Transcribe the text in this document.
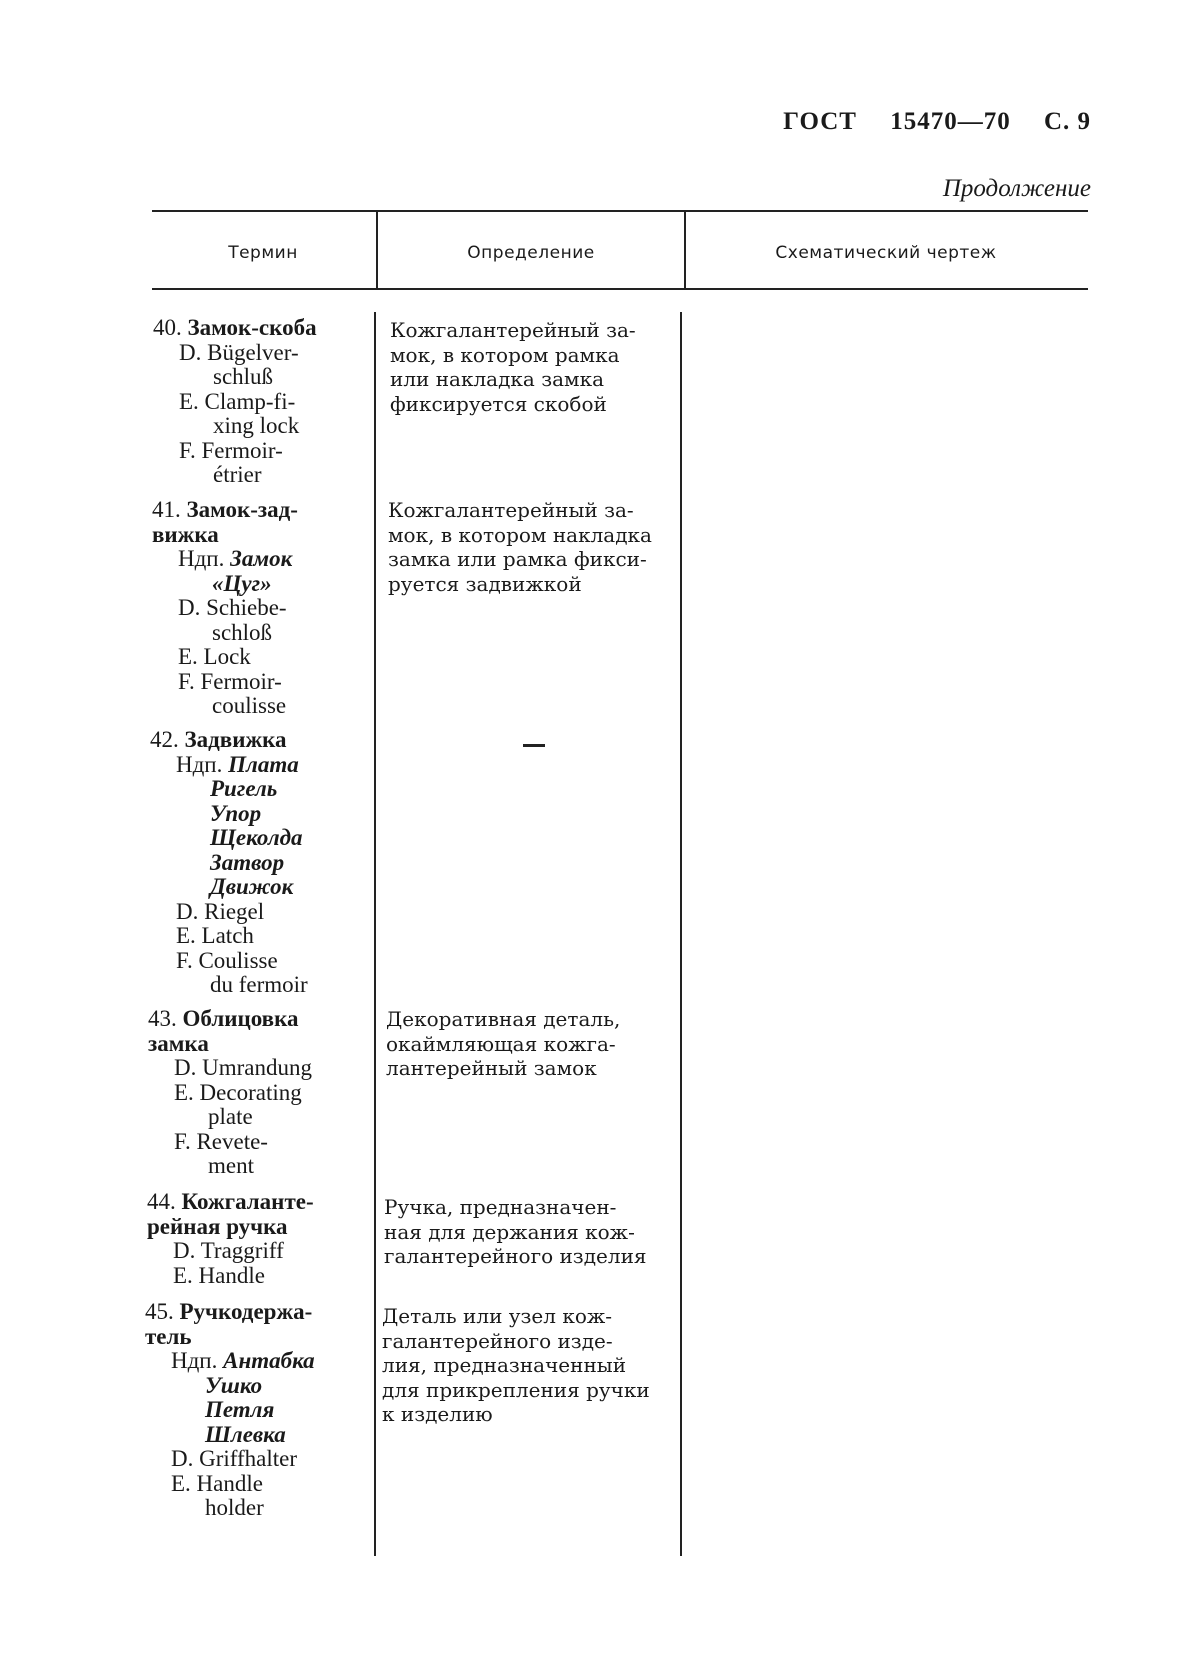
ГОСТ 15470—70 С. 9
Продолжение
Термин	Определение	Схематический чертеж
40. Замок-скоба
D. Bügelver-
schluß
E. Clamp-fi-
xing lock
F. Fermoir-
étrier
41. Замок-зад-
вижка
Ндп. Замок
«Цуг»
D. Schiebe-
schloß
E. Lock
F. Fermoir-
coulisse
42. Задвижка
Ндп. Плата
Ригель
Упор
Щеколда
Затвор
Движок
D. Riegel
E. Latch
F. Coulisse
du fermoir
43. Облицовка
замка
D. Umrandung
E. Decorating
plate
F. Revete-
ment
44. Кожгаланте-
рейная ручка
D. Traggriff
E. Handle
45. Ручкодержа-
тель
Ндп. Антабка
Ушко
Петля
Шлевка
D. Griffhalter
E. Handle
holder
Кожгалантерейный за-
мок, в котором рамка
или накладка замка
фиксируется скобой
Кожгалантерейный за-
мок, в котором накладка
замка или рамка фикси-
руется задвижкой
Декоративная деталь,
окаймляющая кожга-
лантерейный замок
Ручка, предназначен-
ная для держания кож-
галантерейного изделия
Деталь или узел кож-
галантерейного изде-
лия, предназначенный
для прикрепления ручки
к изделию
